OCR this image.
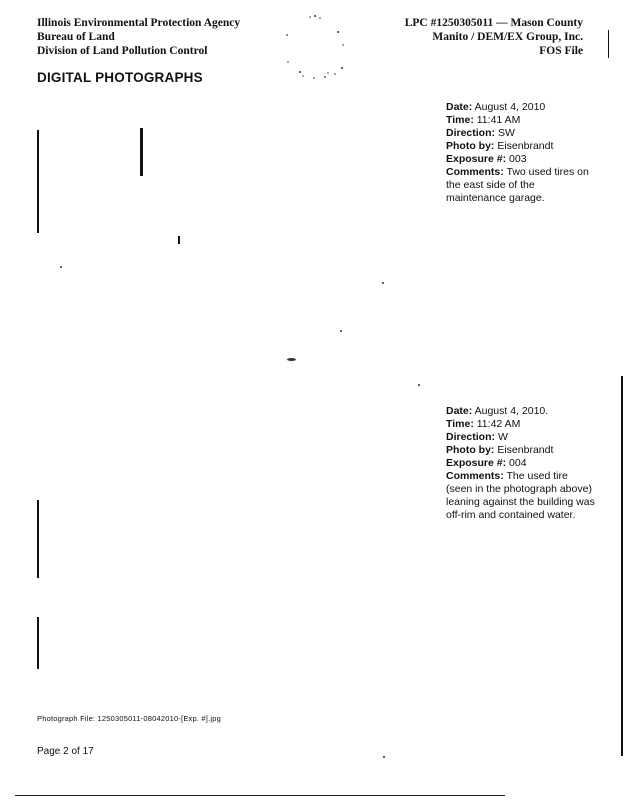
Illinois Environmental Protection Agency
Bureau of Land
Division of Land Pollution Control
LPC #1250305011 — Mason County
Manito / DEM/EX Group, Inc.
FOS File
DIGITAL PHOTOGRAPHS
Date: August 4, 2010
Time: 11:41 AM
Direction: SW
Photo by: Eisenbrandt
Exposure #: 003
Comments: Two used tires on the east side of the maintenance garage.
Date: August 4, 2010.
Time: 11:42 AM
Direction: W
Photo by: Eisenbrandt
Exposure #: 004
Comments: The used tire (seen in the photograph above) leaning against the building was off-rim and contained water.
Photograph File: 1250305011-08042010-[Exp. #].jpg
Page 2 of 17
